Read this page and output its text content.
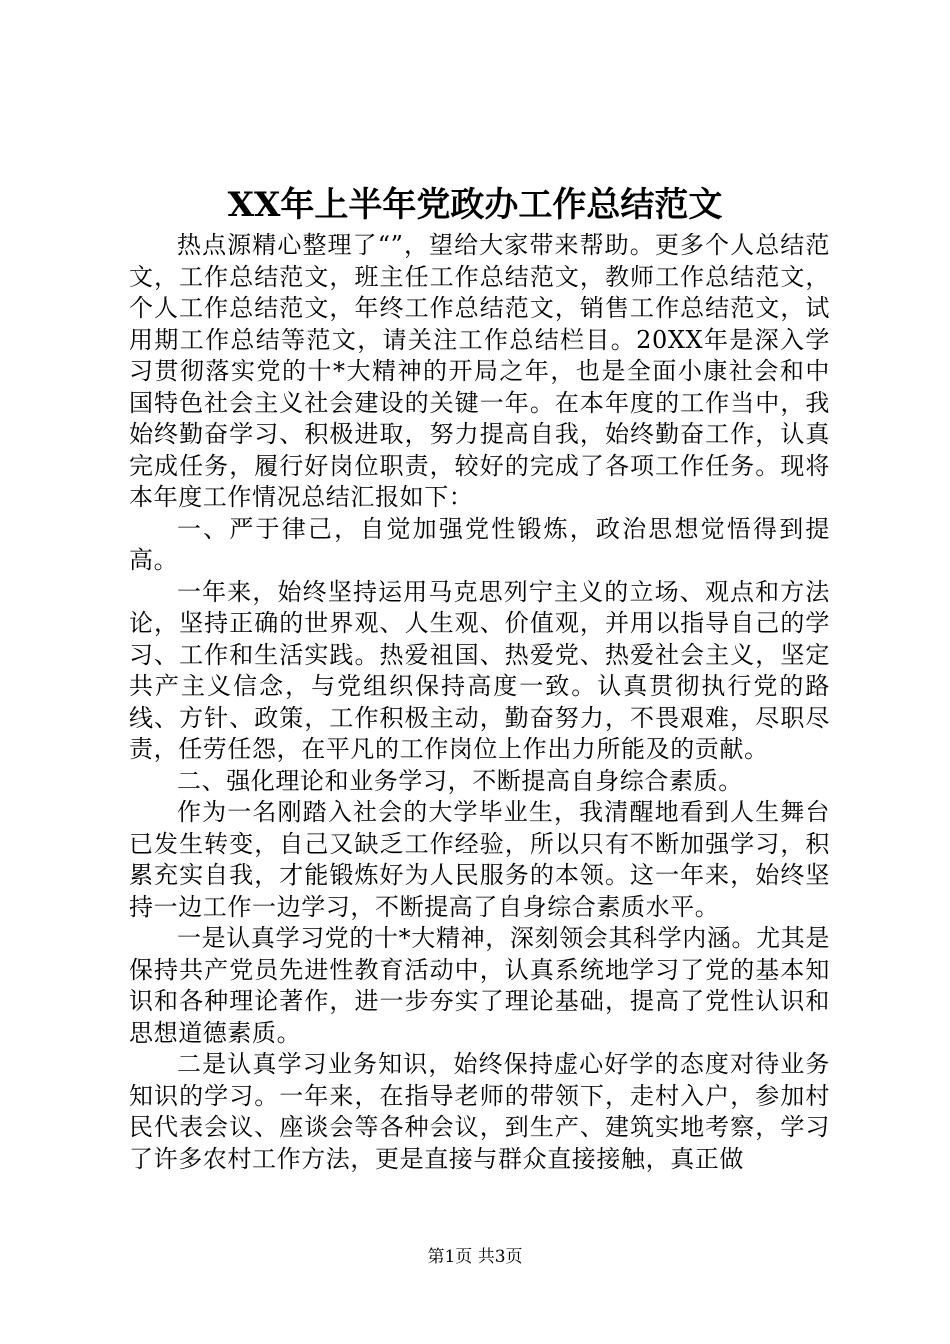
XX年上半年党政办工作总结范文

热点源精心整理了“”，望给大家带来帮助。更多个人总结范文，工作总结范文，班主任工作总结范文，教师工作总结范文，个人工作总结范文，年终工作总结范文，销售工作总结范文，试用期工作总结等范文，请关注工作总结栏目。20XX年是深入学习贯彻落实党的十*大精神的开局之年，也是全面小康社会和中国特色社会主义社会建设的关键一年。在本年度的工作当中，我始终勤奋学习、积极进取，努力提高自我，始终勤奋工作，认真完成任务，履行好岗位职责，较好的完成了各项工作任务。现将本年度工作情况总结汇报如下：

一、严于律己，自觉加强党性锻炼，政治思想觉悟得到提高。

一年来，始终坚持运用马克思列宁主义的立场、观点和方法论，坚持正确的世界观、人生观、价值观，并用以指导自己的学习、工作和生活实践。热爱祖国、热爱党、热爱社会主义，坚定共产主义信念，与党组织保持高度一致。认真贯彻执行党的路线、方针、政策，工作积极主动，勤奋努力，不畏艰难，尽职尽责，任劳任怨，在平凡的工作岗位上作出力所能及的贡献。

二、强化理论和业务学习，不断提高自身综合素质。

作为一名刚踏入社会的大学毕业生，我清醒地看到人生舞台已发生转变，自己又缺乏工作经验，所以只有不断加强学习，积累充实自我，才能锻炼好为人民服务的本领。这一年来，始终坚持一边工作一边学习，不断提高了自身综合素质水平。

一是认真学习党的十*大精神，深刻领会其科学内涵。尤其是保持共产党员先进性教育活动中，认真系统地学习了党的基本知识和各种理论著作，进一步夯实了理论基础，提高了党性认识和思想道德素质。

二是认真学习业务知识，始终保持虚心好学的态度对待业务知识的学习。一年来，在指导老师的带领下，走村入户，参加村民代表会议、座谈会等各种会议，到生产、建筑实地考察，学习了许多农村工作方法，更是直接与群众直接接触，真正做

第1页 共3页
